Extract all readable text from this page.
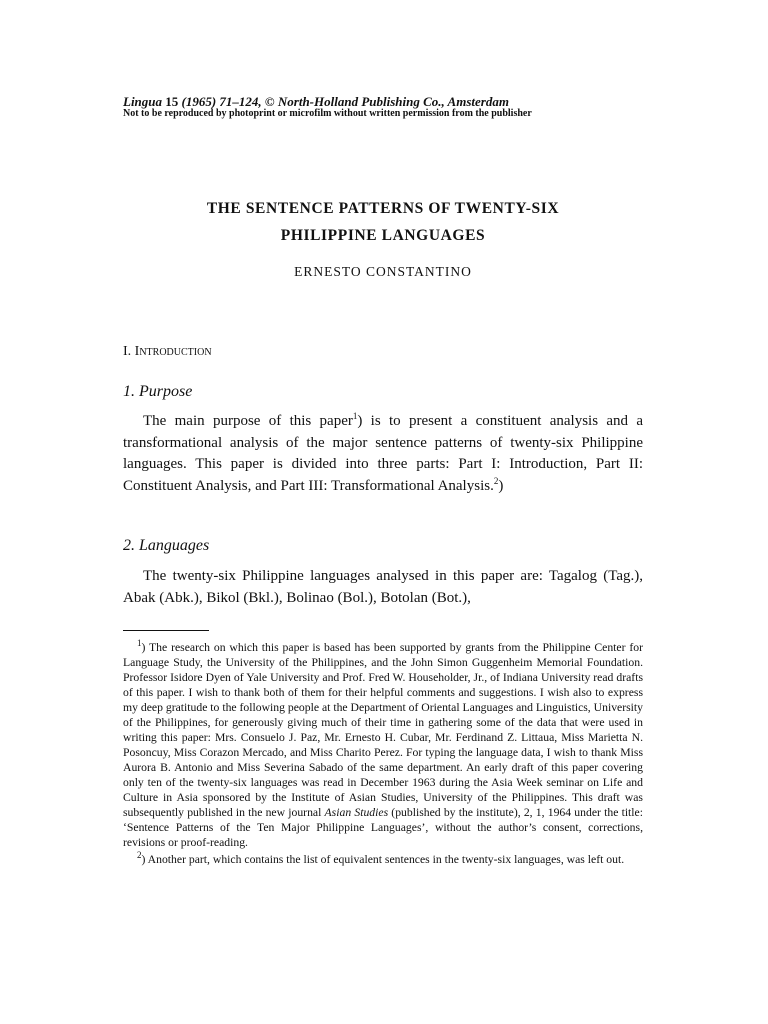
Lingua 15 (1965) 71–124, © North-Holland Publishing Co., Amsterdam
Not to be reproduced by photoprint or microfilm without written permission from the publisher
THE SENTENCE PATTERNS OF TWENTY-SIX
PHILIPPINE LANGUAGES
ERNESTO CONSTANTINO
I. Introduction
1. Purpose

The main purpose of this paper$^1$) is to present a constituent analysis and a transformational analysis of the major sentence patterns of twenty-six Philippine languages. This paper is divided into three parts: Part I: Introduction, Part II: Constituent Analysis, and Part III: Transformational Analysis.$^2$)

2. Languages

The twenty-six Philippine languages analysed in this paper are: Tagalog (Tag.), Abak (Abk.), Bikol (Bkl.), Bolinao (Bol.), Botolan (Bot.),

$^1$) The research on which this paper is based has been supported by grants from the Philippine Center for Language Study, the University of the Philippines, and the John Simon Guggenheim Memorial Foundation. Professor Isidore Dyen of Yale University and Prof. Fred W. Householder, Jr., of Indiana University read drafts of this paper. I wish to thank both of them for their helpful comments and suggestions. I wish also to express my deep gratitude to the following people at the Department of Oriental Languages and Linguistics, University of the Philippines, for generously giving much of their time in gathering some of the data that were used in writing this paper: Mrs. Consuelo J. Paz, Mr. Ernesto H. Cubar, Mr. Ferdinand Z. Littaua, Miss Marietta N. Posoncuy, Miss Corazon Mercado, and Miss Charito Perez. For typing the language data, I wish to thank Miss Aurora B. Antonio and Miss Severina Sabado of the same department. An early draft of this paper covering only ten of the twenty-six languages was read in December 1963 during the Asia Week seminar on Life and Culture in Asia sponsored by the Institute of Asian Studies, University of the Philippines. This draft was subsequently published in the new journal Asian Studies (published by the institute), 2, 1, 1964 under the title: ‘Sentence Patterns of the Ten Major Philippine Languages’, without the author’s consent, corrections, revisions or proof-reading.

$^2$) Another part, which contains the list of equivalent sentences in the twenty-six languages, was left out.
